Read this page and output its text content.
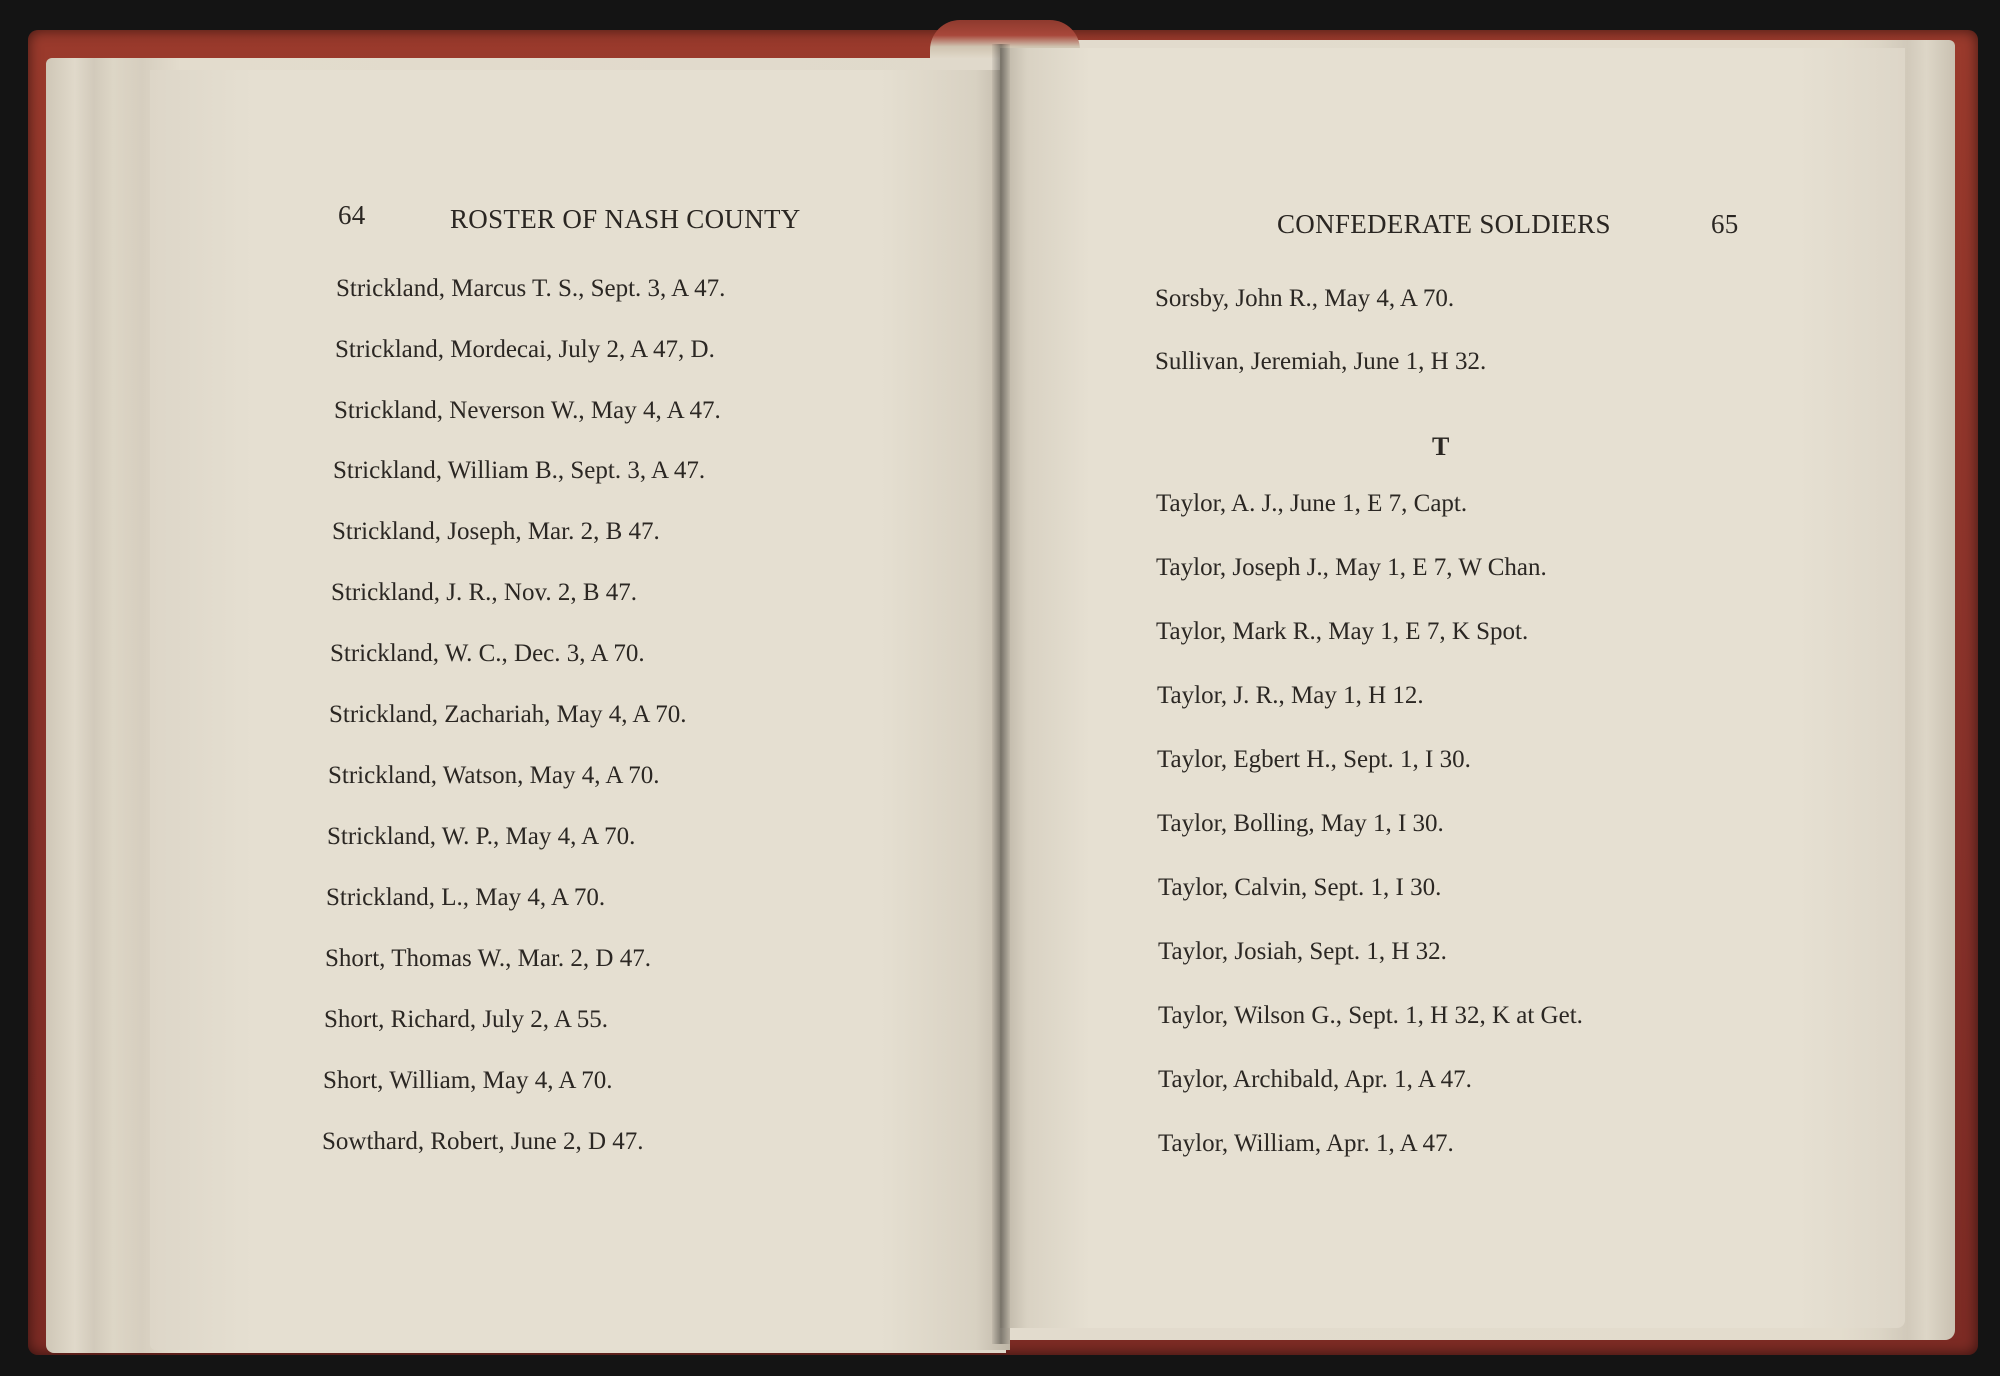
64	ROSTER OF NASH COUNTY
Strickland, Marcus T. S., Sept. 3, A 47.
Strickland, Mordecai, July 2, A 47, D.
Strickland, Neverson W., May 4, A 47.
Strickland, William B., Sept. 3, A 47.
Strickland, Joseph, Mar. 2, B 47.
Strickland, J. R., Nov. 2, B 47.
Strickland, W. C., Dec. 3, A 70.
Strickland, Zachariah, May 4, A 70.
Strickland, Watson, May 4, A 70.
Strickland, W. P., May 4, A 70.
Strickland, L., May 4, A 70.
Short, Thomas W., Mar. 2, D 47.
Short, Richard, July 2, A 55.
Short, William, May 4, A 70.
Sowthard, Robert, June 2, D 47.
CONFEDERATE SOLDIERS	65
Sorsby, John R., May 4, A 70.
Sullivan, Jeremiah, June 1, H 32.
T
Taylor, A. J., June 1, E 7, Capt.
Taylor, Joseph J., May 1, E 7, W Chan.
Taylor, Mark R., May 1, E 7, K Spot.
Taylor, J. R., May 1, H 12.
Taylor, Egbert H., Sept. 1, I 30.
Taylor, Bolling, May 1, I 30.
Taylor, Calvin, Sept. 1, I 30.
Taylor, Josiah, Sept. 1, H 32.
Taylor, Wilson G., Sept. 1, H 32, K at Get.
Taylor, Archibald, Apr. 1, A 47.
Taylor, William, Apr. 1, A 47.
